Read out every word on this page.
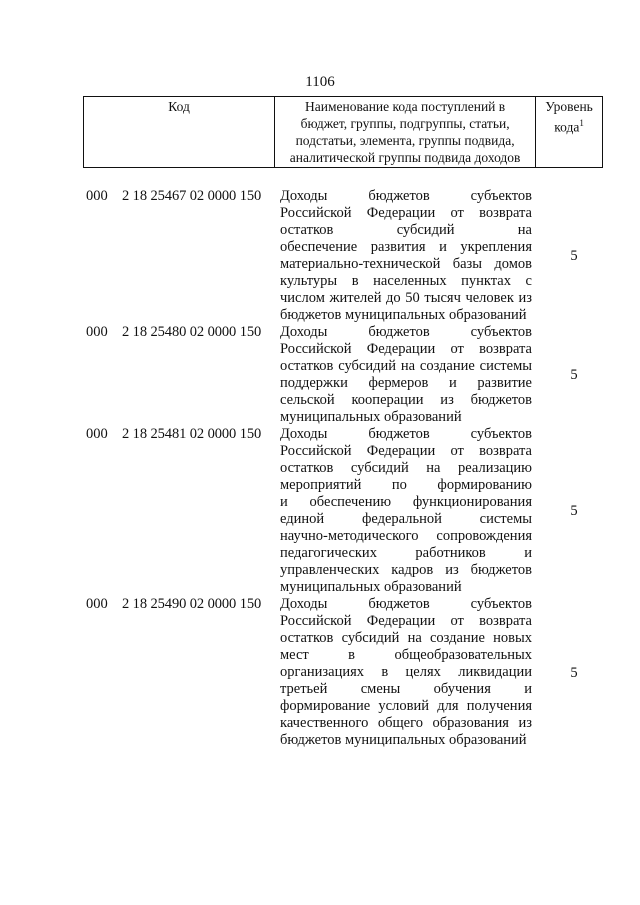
1106
Код	Наименование кода поступлений в
бюджет, группы, подгруппы, статьи,
подстатьи, элемента, группы подвида,
аналитической группы подвида доходов

Уровень
кода$^1$
000 2 18 25467 02 0000 150	Доходы бюджетов субъектов
Российской Федерации от возврата
остатков субсидий на
обеспечение развития и укрепления
материально-технической базы домов
культуры в населенных пунктах с
числом жителей до 50 тысяч человек из
бюджетов муниципальных образований
5
000 2 18 25480 02 0000 150	Доходы бюджетов субъектов
Российской Федерации от возврата
остатков субсидий на создание системы
поддержки фермеров и развитие
сельской кооперации из бюджетов
муниципальных образований
5
000 2 18 25481 02 0000 150	Доходы бюджетов субъектов
Российской Федерации от возврата
остатков субсидий на реализацию
мероприятий по формированию
и обеспечению функционирования
единой федеральной системы
научно-методического сопровождения
педагогических работников и
управленческих кадров из бюджетов
муниципальных образований
5
000 2 18 25490 02 0000 150	Доходы бюджетов субъектов
Российской Федерации от возврата
остатков субсидий на создание новых
мест в общеобразовательных
организациях в целях ликвидации
третьей смены обучения и
формирование условий для получения
качественного общего образования из
бюджетов муниципальных образований
5
